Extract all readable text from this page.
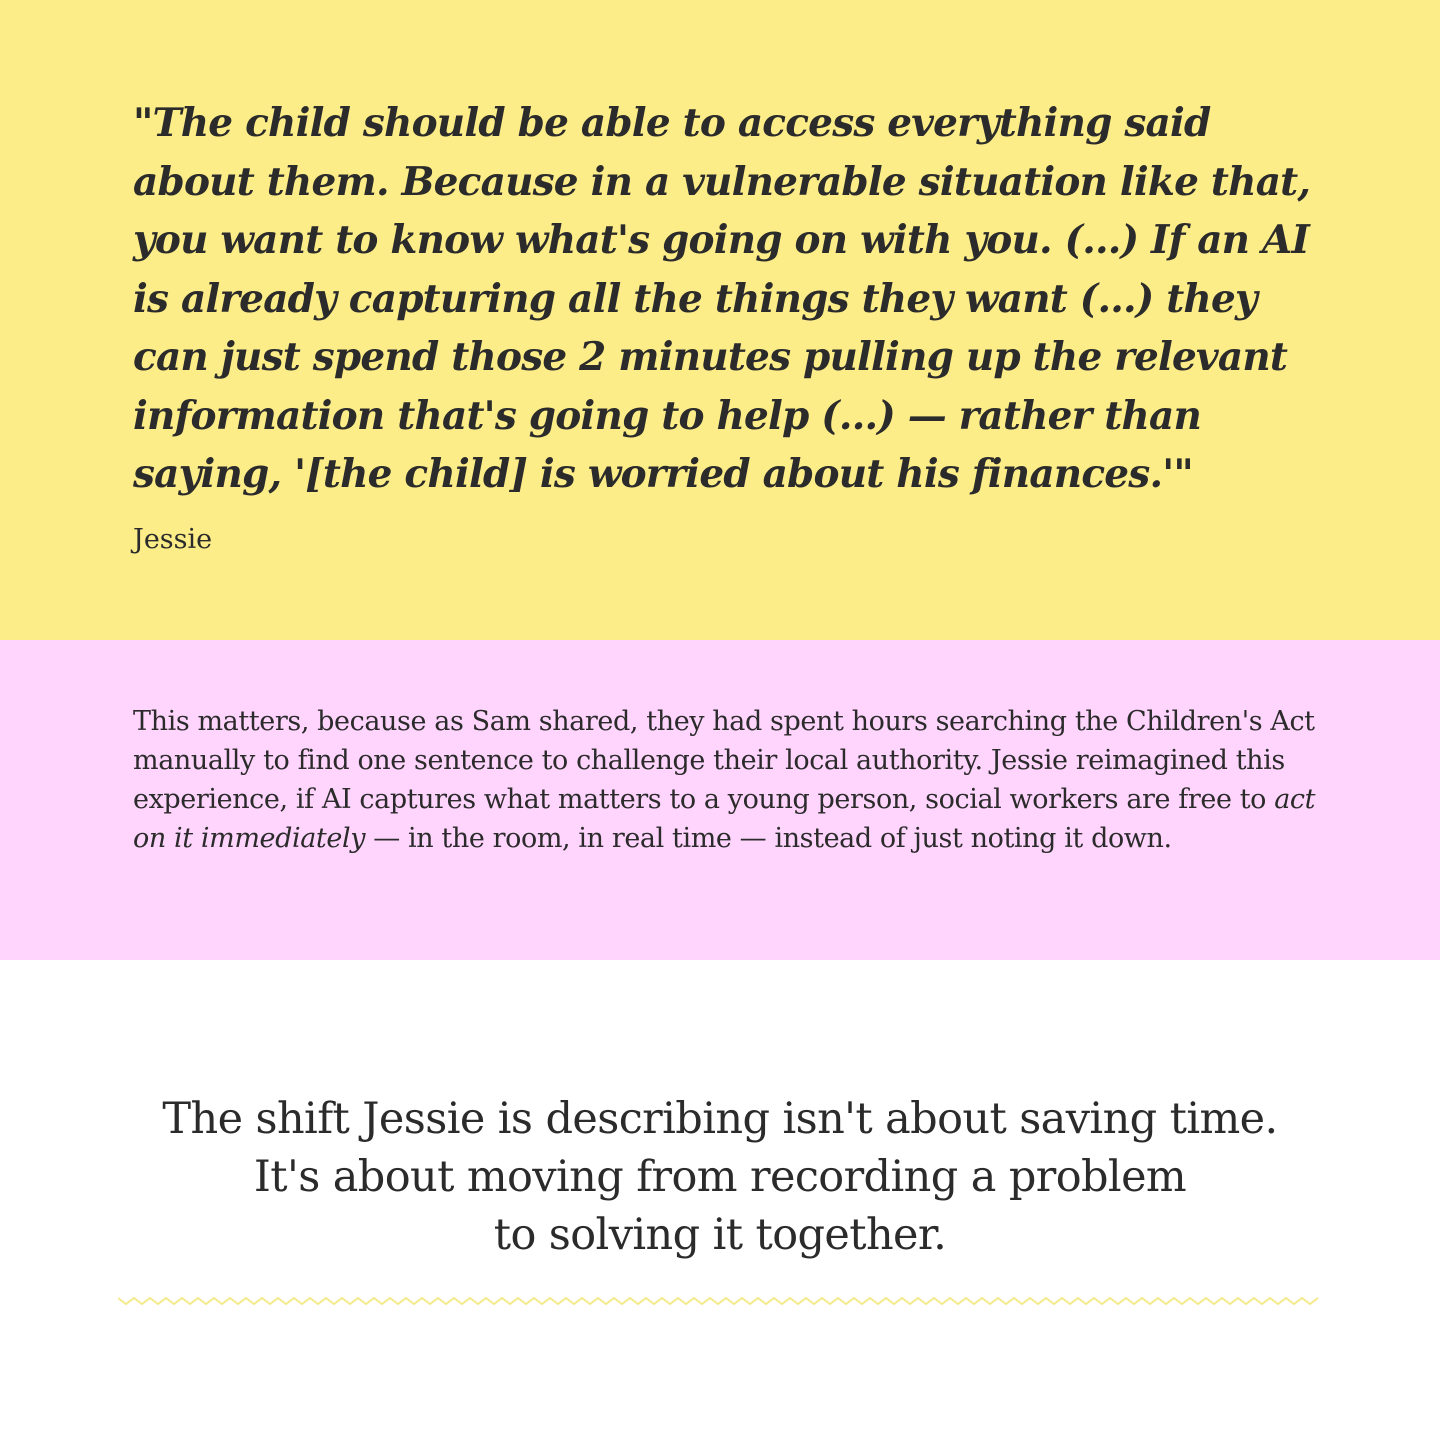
"The child should be able to access everything said about them. Because in a vulnerable situation like that, you want to know what's going on with you. (...) If an AI is already capturing all the things they want (...) they can just spend those 2 minutes pulling up the relevant information that's going to help (...) — rather than saying, '[the child] is worried about his finances.'"

Jessie

This matters, because as Sam shared, they had spent hours searching the Children's Act manually to find one sentence to challenge their local authority. Jessie reimagined this experience, if AI captures what matters to a young person, social workers are free to act on it immediately — in the room, in real time — instead of just noting it down.

The shift Jessie is describing isn't about saving time.
It's about moving from recording a problem
to solving it together.
